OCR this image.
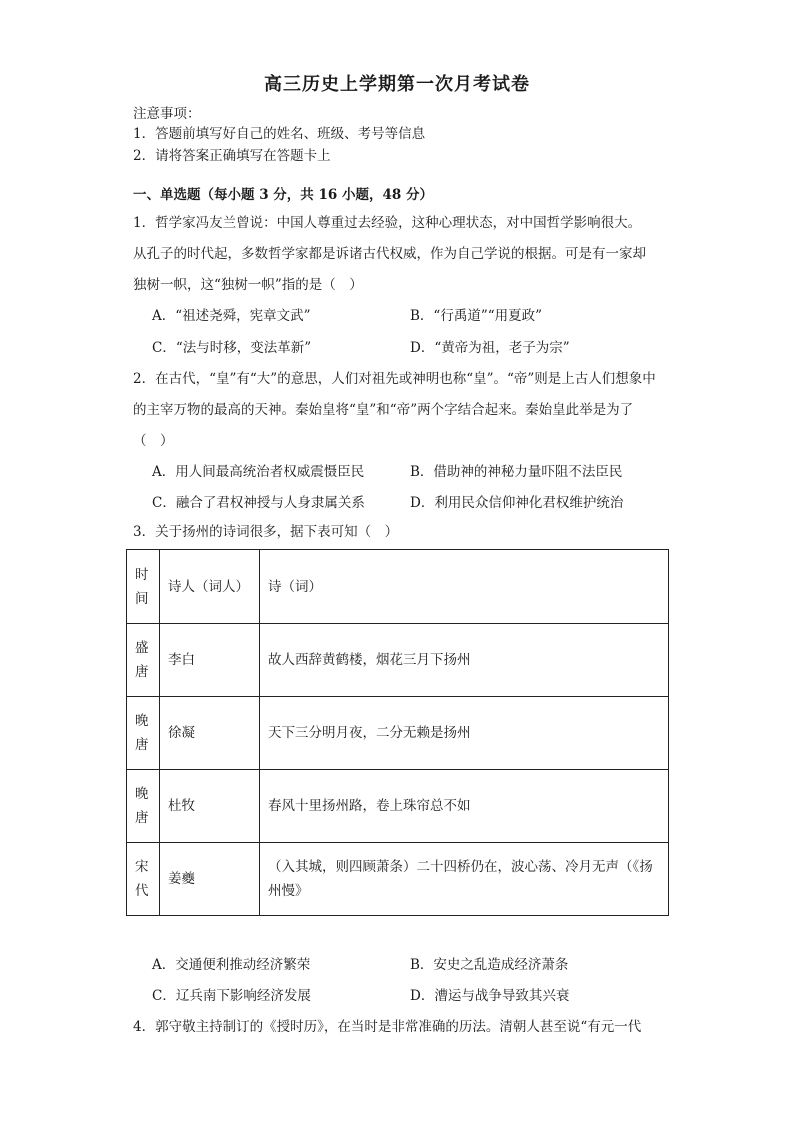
高三历史上学期第一次月考试卷
注意事项：
1．答题前填写好自己的姓名、班级、考号等信息
2．请将答案正确填写在答题卡上
一、单选题（每小题 3 分，共 16 小题，48 分）
1．哲学家冯友兰曾说：中国人尊重过去经验，这种心理状态，对中国哲学影响很大。
从孔子的时代起，多数哲学家都是诉诸古代权威，作为自己学说的根据。可是有一家却
独树一帜，这“独树一帜”指的是（　）
A．“祖述尧舜，宪章文武”	B．“行禹道”“用夏政”
C．“法与时移，变法革新”	D．“黄帝为祖，老子为宗”
2．在古代，“皇”有“大”的意思，人们对祖先或神明也称“皇”。“帝”则是上古人们想象中
的主宰万物的最高的天神。秦始皇将“皇”和“帝”两个字结合起来。秦始皇此举是为了
（　）
A．用人间最高统治者权威震慑臣民	B．借助神的神秘力量吓阻不法臣民
C．融合了君权神授与人身隶属关系	D．利用民众信仰神化君权维护统治
3．关于扬州的诗词很多，据下表可知（　）
时间	诗人（词人）	诗（词）
盛唐	李白	故人西辞黄鹤楼，烟花三月下扬州
晚唐	徐凝	天下三分明月夜，二分无赖是扬州
晚唐	杜牧	春风十里扬州路，卷上珠帘总不如
宋代	姜夔	（入其城，则四顾萧条）二十四桥仍在，波心荡、冷月无声（《扬州慢》
A．交通便利推动经济繁荣	B．安史之乱造成经济萧条
C．辽兵南下影响经济发展	D．漕运与战争导致其兴衰
4．郭守敬主持制订的《授时历》，在当时是非常准确的历法。清朝人甚至说“有元一代
